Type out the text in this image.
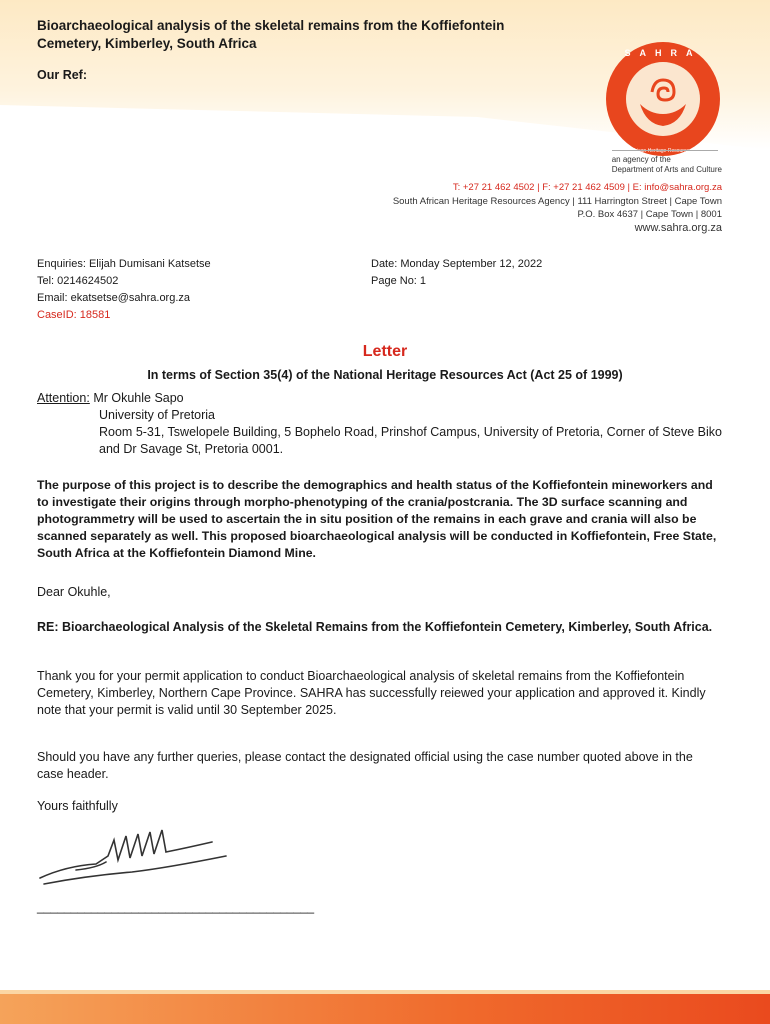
Bioarchaeological analysis of the skeletal remains from the Koffiefontein Cemetery, Kimberley, South Africa
Our Ref:
SAHRA
South African Heritage Resources Agency
an agency of the
Department of Arts and Culture
T: +27 21 462 4502 | F: +27 21 462 4509 | E: info@sahra.org.za
South African Heritage Resources Agency | 111 Harrington Street | Cape Town
P.O. Box 4637 | Cape Town | 8001
www.sahra.org.za
Enquiries: Elijah Dumisani Katsetse
Tel: 0214624502
Email: ekatsetse@sahra.org.za
CaseID: 18581
Date: Monday September 12, 2022
Page No: 1
Letter
In terms of Section 35(4) of the National Heritage Resources Act (Act 25 of 1999)
Attention: Mr Okuhle Sapo
University of Pretoria
Room 5-31, Tswelopele Building, 5 Bophelo Road, Prinshof Campus, University of Pretoria, Corner of Steve Biko and Dr Savage St, Pretoria 0001.
The purpose of this project is to describe the demographics and health status of the Koffiefontein mineworkers and to investigate their origins through morpho-phenotyping of the crania/postcrania. The 3D surface scanning and photogrammetry will be used to ascertain the in situ position of the remains in each grave and crania will also be scanned separately as well. This proposed bioarchaeological analysis will be conducted in Koffiefontein, Free State, South Africa at the Koffiefontein Diamond Mine.
Dear Okuhle,
RE: Bioarchaeological Analysis of the Skeletal Remains from the Koffiefontein Cemetery, Kimberley, South Africa.
Thank you for your permit application to conduct Bioarchaeological analysis of skeletal remains from the Koffiefontein Cemetery, Kimberley, Northern Cape Province. SAHRA has successfully reiewed your application and approved it. Kindly note that your permit is valid until 30 September 2025.
Should you have any further queries, please contact the designated official using the case number quoted above in the case header.
Yours faithfully
_________________________________________
